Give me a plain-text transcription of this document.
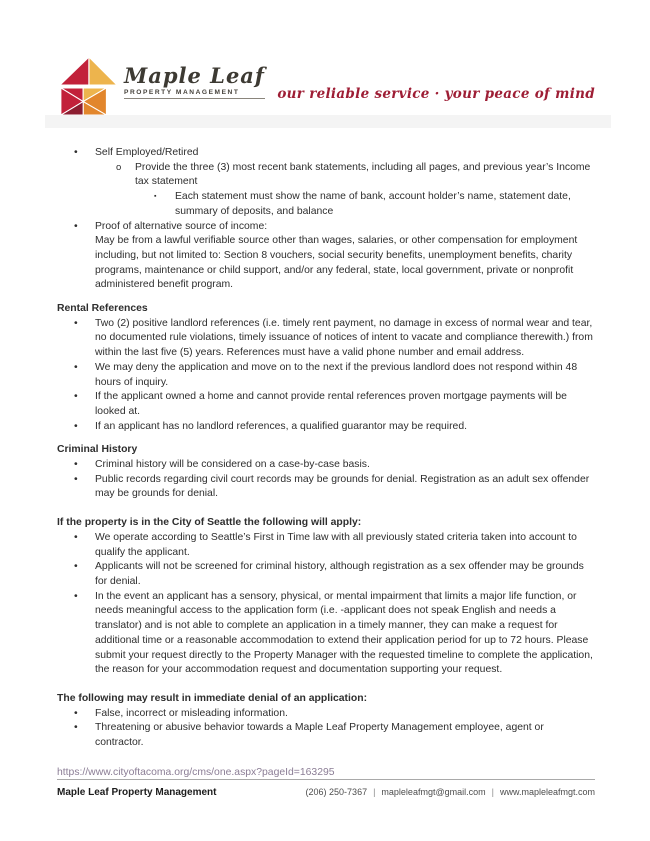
Maple Leaf
PROPERTY MANAGEMENT	our reliable service · your peace of mind
•	Self Employed/Retired
o	Provide the three (3) most recent bank statements, including all pages, and previous year’s Income tax statement
▪	Each statement must show the name of bank, account holder’s name, statement date, summary of deposits, and balance
•	Proof of alternative source of income:
May be from a lawful verifiable source other than wages, salaries, or other compensation for employment including, but not limited to: Section 8 vouchers, social security benefits, unemployment benefits, charity programs, maintenance or child support, and/or any federal, state, local government, private or nonprofit administered benefit program.
Rental References
•	Two (2) positive landlord references (i.e. timely rent payment, no damage in excess of normal wear and tear, no documented rule violations, timely issuance of notices of intent to vacate and compliance therewith.) from within the last five (5) years. References must have a valid phone number and email address.
•	We may deny the application and move on to the next if the previous landlord does not respond within 48 hours of inquiry.
•	If the applicant owned a home and cannot provide rental references proven mortgage payments will be looked at.
•	If an applicant has no landlord references, a qualified guarantor may be required.
Criminal History
•	Criminal history will be considered on a case-by-case basis.
•	Public records regarding civil court records may be grounds for denial. Registration as an adult sex offender may be grounds for denial.
If the property is in the City of Seattle the following will apply:
•	We operate according to Seattle’s First in Time law with all previously stated criteria taken into account to qualify the applicant.
•	Applicants will not be screened for criminal history, although registration as a sex offender may be grounds for denial.
•	In the event an applicant has a sensory, physical, or mental impairment that limits a major life function, or needs meaningful access to the application form (i.e. -applicant does not speak English and needs a translator) and is not able to complete an application in a timely manner, they can make a request for additional time or a reasonable accommodation to extend their application period for up to 72 hours. Please submit your request directly to the Property Manager with the requested timeline to complete the application, the reason for your accommodation request and documentation supporting your request.
The following may result in immediate denial of an application:
•	False, incorrect or misleading information.
•	Threatening or abusive behavior towards a Maple Leaf Property Management employee, agent or contractor.
https://www.cityoftacoma.org/cms/one.aspx?pageId=163295
Maple Leaf Property Management	(206) 250-7367 | mapleleafmgt@gmail.com | www.mapleleafmgt.com
